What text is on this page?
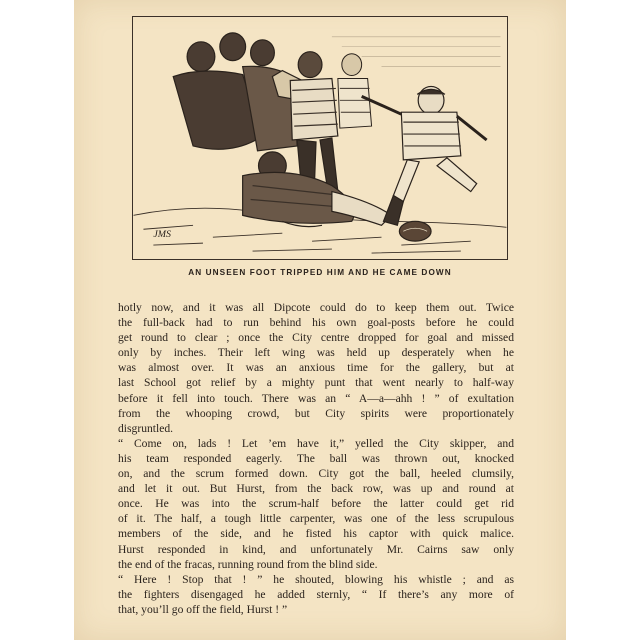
JMS
AN UNSEEN FOOT TRIPPED HIM AND HE CAME DOWN
hotly now, and it was all Dipcote could do to keep them out. Twice
the full-back had to run behind his own goal-posts before he could
get round to clear ; once the City centre dropped for goal and missed
only by inches. Their left wing was held up desperately when he
was almost over. It was an anxious time for the gallery, but at
last School got relief by a mighty punt that went nearly to half-way
before it fell into touch. There was an “ A—a—ahh ! ” of exultation
from the whooping crowd, but City spirits were proportionately
disgruntled.
“ Come on, lads ! Let ’em have it,” yelled the City skipper, and
his team responded eagerly. The ball was thrown out, knocked
on, and the scrum formed down. City got the ball, heeled clumsily,
and let it out. But Hurst, from the back row, was up and round at
once. He was into the scrum-half before the latter could get rid
of it. The half, a tough little carpenter, was one of the less scrupulous
members of the side, and he fisted his captor with quick malice.
Hurst responded in kind, and unfortunately Mr. Cairns saw only
the end of the fracas, running round from the blind side.
“ Here ! Stop that ! ” he shouted, blowing his whistle ; and as
the fighters disengaged he added sternly, “ If there’s any more of
that, you’ll go off the field, Hurst ! ”
